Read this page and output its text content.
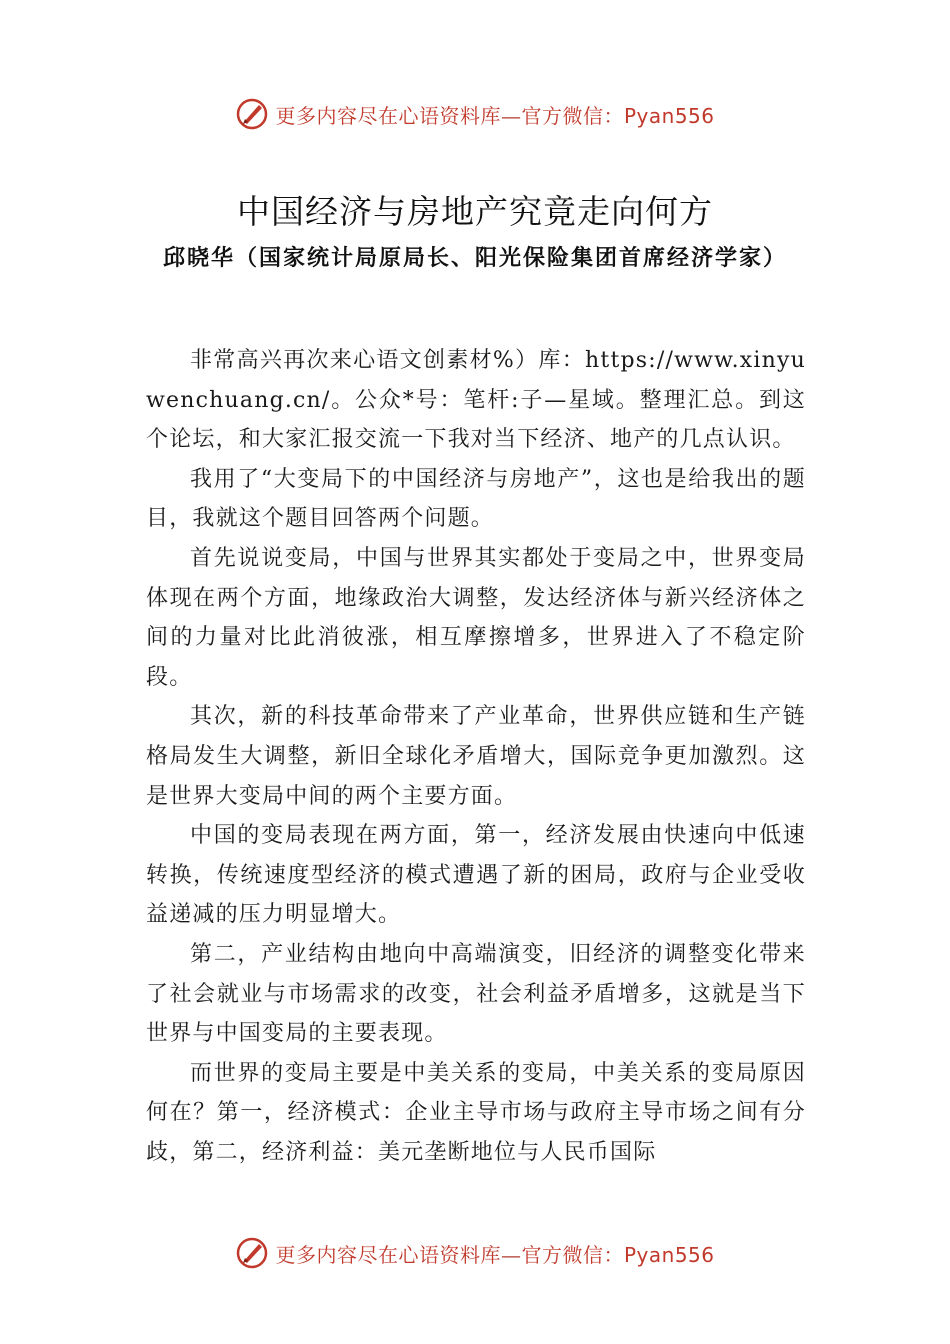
更多内容尽在心语资料库—官方微信：Pyan556
中国经济与房地产究竟走向何方
邱晓华（国家统计局原局长、阳光保险集团首席经济学家）

非常高兴再次来心语文创素材%）库：https://www.xinyuwenchuang.cn/。公众*号：笔杆:子—星域。整理汇总。到这个论坛，和大家汇报交流一下我对当下经济、地产的几点认识。

我用了“大变局下的中国经济与房地产”，这也是给我出的题目，我就这个题目回答两个问题。

首先说说变局，中国与世界其实都处于变局之中，世界变局体现在两个方面，地缘政治大调整，发达经济体与新兴经济体之间的力量对比此消彼涨，相互摩擦增多，世界进入了不稳定阶段。

其次，新的科技革命带来了产业革命，世界供应链和生产链格局发生大调整，新旧全球化矛盾增大，国际竞争更加激烈。这是世界大变局中间的两个主要方面。

中国的变局表现在两方面，第一，经济发展由快速向中低速转换，传统速度型经济的模式遭遇了新的困局，政府与企业受收益递减的压力明显增大。

第二，产业结构由地向中高端演变，旧经济的调整变化带来了社会就业与市场需求的改变，社会利益矛盾增多，这就是当下世界与中国变局的主要表现。

而世界的变局主要是中美关系的变局，中美关系的变局原因何在？第一，经济模式：企业主导市场与政府主导市场之间有分歧，第二，经济利益：美元垄断地位与人民币国际

更多内容尽在心语资料库—官方微信：Pyan556
